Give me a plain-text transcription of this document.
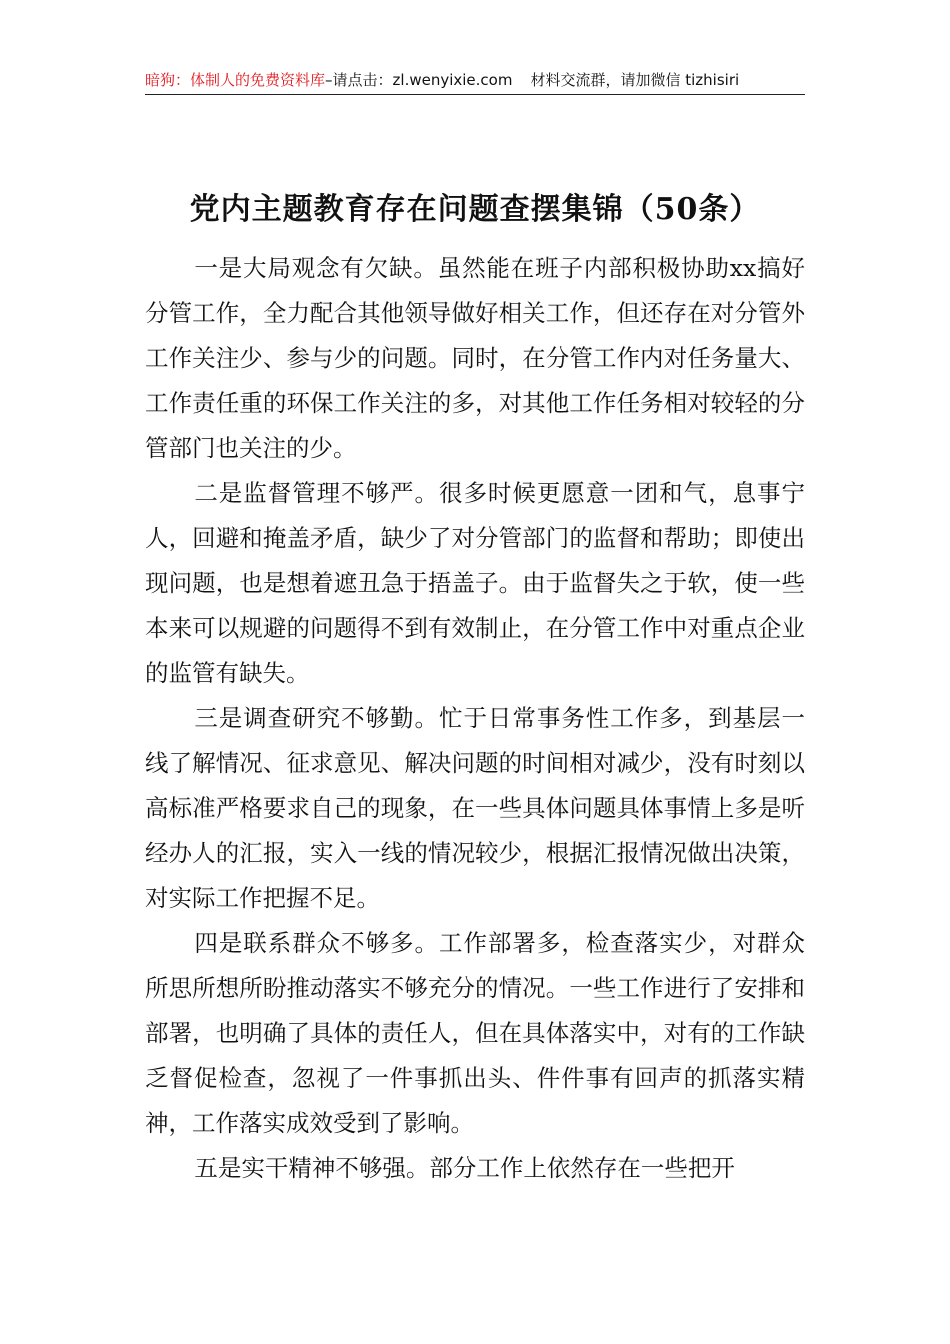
暗狗：体制人的免费资料库–请点击：zl.wenyixie.com 材料交流群，请加微信 tizhisiri
党内主题教育存在问题查摆集锦（50条）

一是大局观念有欠缺。虽然能在班子内部积极协助xx搞好分管工作，全力配合其他领导做好相关工作，但还存在对分管外工作关注少、参与少的问题。同时，在分管工作内对任务量大、工作责任重的环保工作关注的多，对其他工作任务相对较轻的分管部门也关注的少。

二是监督管理不够严。很多时候更愿意一团和气，息事宁人，回避和掩盖矛盾，缺少了对分管部门的监督和帮助；即使出现问题，也是想着遮丑急于捂盖子。由于监督失之于软，使一些本来可以规避的问题得不到有效制止，在分管工作中对重点企业的监管有缺失。

三是调查研究不够勤。忙于日常事务性工作多，到基层一线了解情况、征求意见、解决问题的时间相对减少，没有时刻以高标准严格要求自己的现象，在一些具体问题具体事情上多是听经办人的汇报，实入一线的情况较少，根据汇报情况做出决策，对实际工作把握不足。

四是联系群众不够多。工作部署多，检查落实少，对群众所思所想所盼推动落实不够充分的情况。一些工作进行了安排和部署，也明确了具体的责任人，但在具体落实中，对有的工作缺乏督促检查，忽视了一件事抓出头、件件事有回声的抓落实精神，工作落实成效受到了影响。

五是实干精神不够强。部分工作上依然存在一些把开
